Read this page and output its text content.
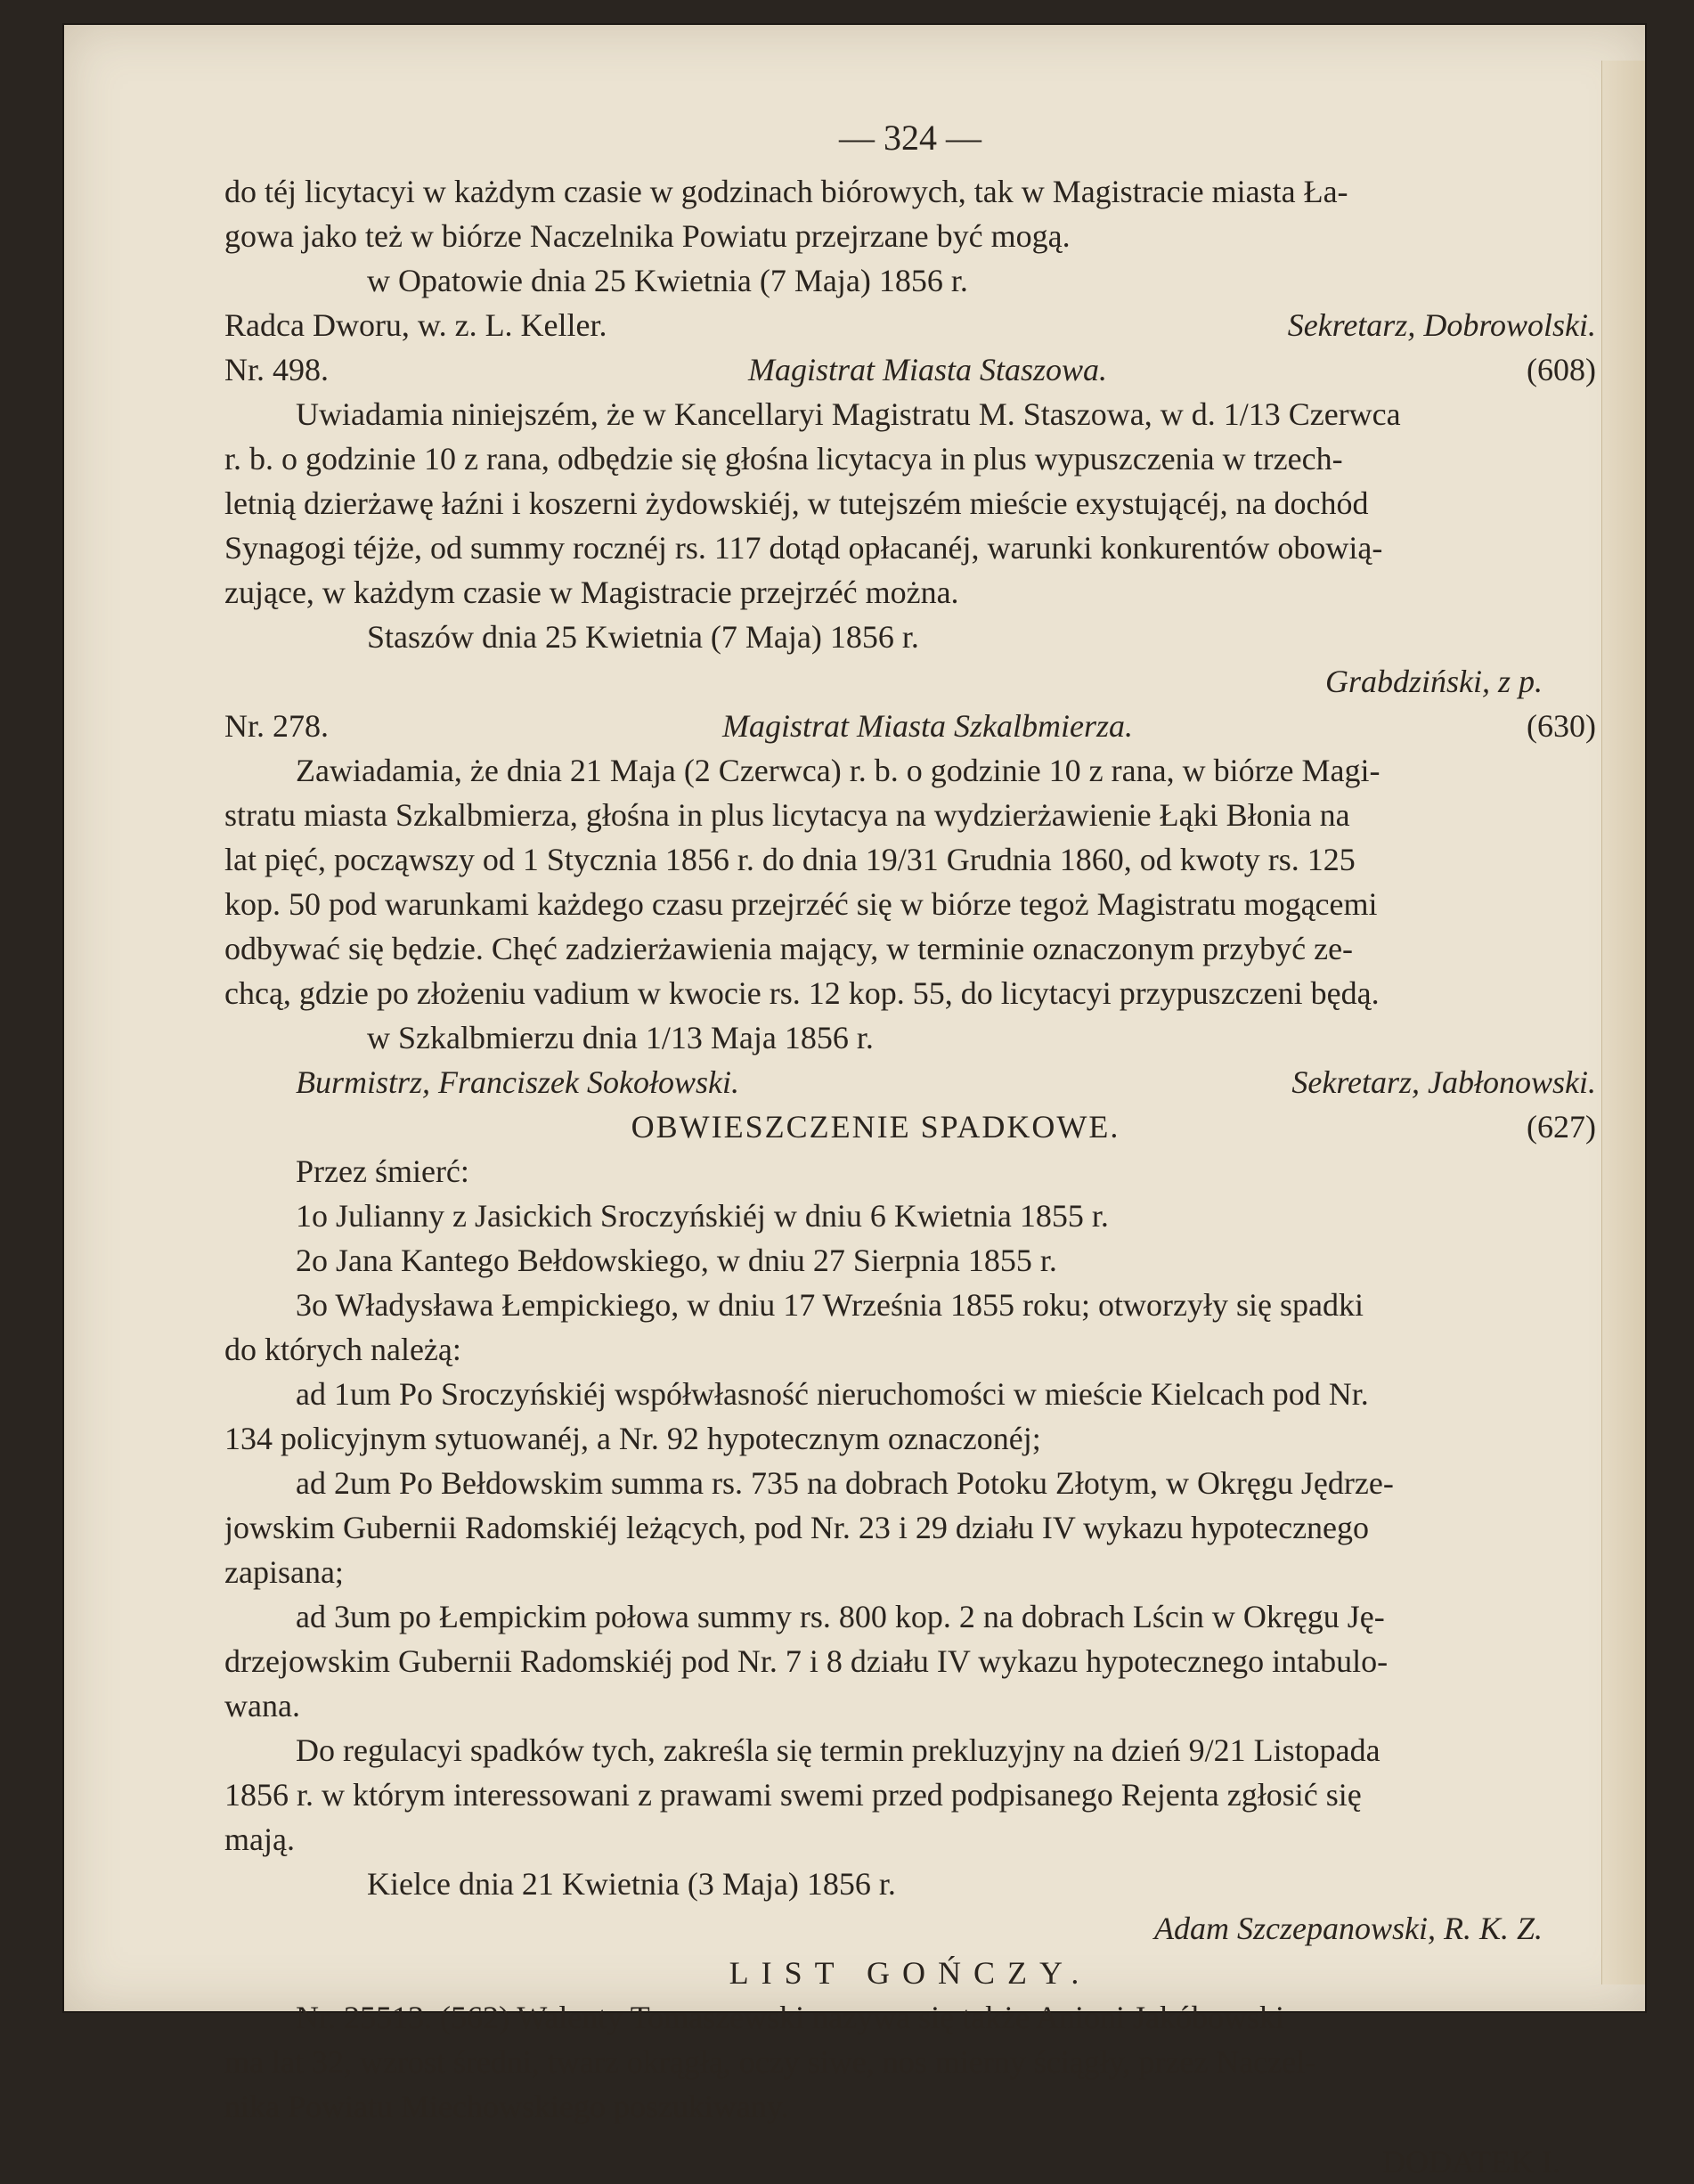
— 324 —
do téj licytacyi w każdym czasie w godzinach biórowych, tak w Magistracie miasta Ła-
gowa jako też w biórze Naczelnika Powiatu przejrzane być mogą.
w Opatowie dnia 25 Kwietnia (7 Maja) 1856 r.
Radca Dworu, w. z. L. Keller.	Sekretarz, Dobrowolski.
Nr. 498.	Magistrat Miasta Staszowa.	(608)
Uwiadamia niniejszém, że w Kancellaryi Magistratu M. Staszowa, w d. 1/13 Czerwca
r. b. o godzinie 10 z rana, odbędzie się głośna licytacya in plus wypuszczenia w trzech-
letnią dzierżawę łaźni i koszerni żydowskiéj, w tutejszém mieście exystującéj, na dochód
Synagogi téjże, od summy rocznéj rs. 117 dotąd opłacanéj, warunki konkurentów obowią-
zujące, w każdym czasie w Magistracie przejrzéć można.
Staszów dnia 25 Kwietnia (7 Maja) 1856 r.
Grabdziński, z p.
Nr. 278.	Magistrat Miasta Szkalbmierza.	(630)
Zawiadamia, że dnia 21 Maja (2 Czerwca) r. b. o godzinie 10 z rana, w biórze Magi-
stratu miasta Szkalbmierza, głośna in plus licytacya na wydzierżawienie Łąki Błonia na
lat pięć, począwszy od 1 Stycznia 1856 r. do dnia 19/31 Grudnia 1860, od kwoty rs. 125
kop. 50 pod warunkami każdego czasu przejrzéć się w biórze tegoż Magistratu mogącemi
odbywać się będzie. Chęć zadzierżawienia mający, w terminie oznaczonym przybyć ze-
chcą, gdzie po złożeniu vadium w kwocie rs. 12 kop. 55, do licytacyi przypuszczeni będą.
w Szkalbmierzu dnia 1/13 Maja 1856 r.
Burmistrz, Franciszek Sokołowski.	Sekretarz, Jabłonowski.
OBWIESZCZENIE SPADKOWE.	(627)
Przez śmierć:
1o Julianny z Jasickich Sroczyńskiéj w dniu 6 Kwietnia 1855 r.
2o Jana Kantego Bełdowskiego, w dniu 27 Sierpnia 1855 r.
3o Władysława Łempickiego, w dniu 17 Września 1855 roku; otworzyły się spadki
do których należą:
ad 1um Po Sroczyńskiéj współwłasność nieruchomości w mieście Kielcach pod Nr.
134 policyjnym sytuowanéj, a Nr. 92 hypotecznym oznaczonéj;
ad 2um Po Bełdowskim summa rs. 735 na dobrach Potoku Złotym, w Okręgu Jędrze-
jowskim Gubernii Radomskiéj leżących, pod Nr. 23 i 29 działu IV wykazu hypotecznego
zapisana;
ad 3um po Łempickim połowa summy rs. 800 kop. 2 na dobrach Lścin w Okręgu Ję-
drzejowskim Gubernii Radomskiéj pod Nr. 7 i 8 działu IV wykazu hypotecznego intabulo-
wana.
Do regulacyi spadków tych, zakreśla się termin prekluzyjny na dzień 9/21 Listopada
1856 r. w którym interessowani z prawami swemi przed podpisanego Rejenta zgłosić się
mają.
Kielce dnia 21 Kwietnia (3 Maja) 1856 r.
Adam Szczepanowski, R. K. Z.
LIST GOŃCZY.
Nr. 25513. (562) Walenty Tomaszewski nazywa się także Anioni Jakóbowski
ma lat 32, wzrost średni, twarz okrągłą, oczy siwe, nos mierny ściągły, przez Naczel-
nika Powiatu Miechowskiego poszukiwany.
DODATEK I.
